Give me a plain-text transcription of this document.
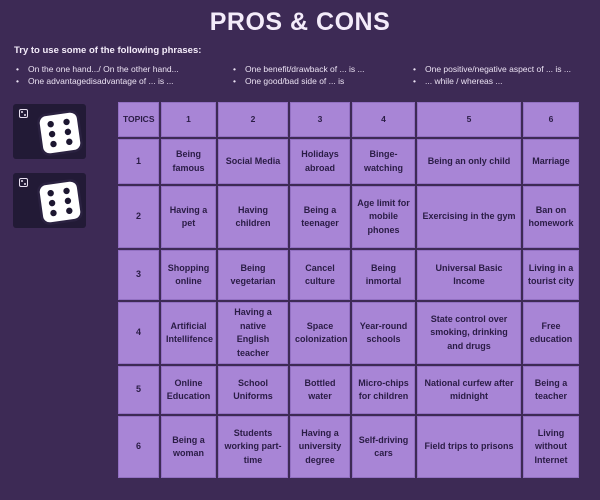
PROS & CONS
Try to use some of the following phrases:
• On the one hand.../ On the other hand...
• One advantagedisadvantage of ... is ...
• One benefit/drawback of ... is ...
• One good/bad side of ... is
• One positive/negative aspect of ... is ...
• ... while / whereas ...
TOPICS	1	2	3	4	5	6
1	Being famous	Social Media	Holidays abroad	Binge-watching	Being an only child	Marriage
2	Having a pet	Having children	Being a teenager	Age limit for mobile phones	Exercising in the gym	Ban on homework
3	Shopping online	Being vegetarian	Cancel culture	Being inmortal	Universal Basic Income	Living in a tourist city
4	Artificial Intellifence	Having a native English teacher	Space colonization	Year-round schools	State control over smoking, drinking and drugs	Free education
5	Online Education	School Uniforms	Bottled water	Micro-chips for children	National curfew after midnight	Being a teacher
6	Being a woman	Students working part-time	Having a university degree	Self-driving cars	Field trips to prisons	Living without Internet
